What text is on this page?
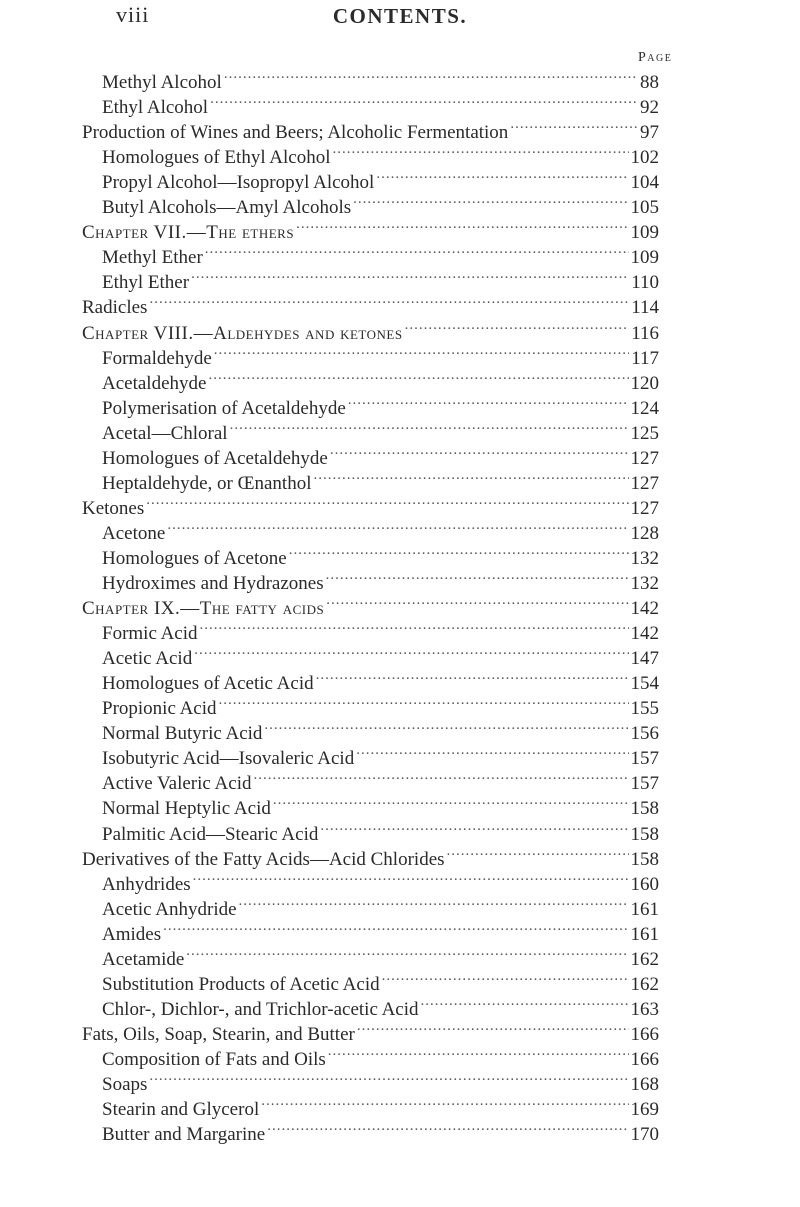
viii	CONTENTS.
Page
Methyl Alcohol .....	88
Ethyl Alcohol .....	92
Production of Wines and Beers; Alcoholic Fermentation .....	97
Homologues of Ethyl Alcohol .....	102
Propyl Alcohol—Isopropyl Alcohol .....	104
Butyl Alcohols—Amyl Alcohols .....	105
Chapter VII.—The ethers .....	109
Methyl Ether .....	109
Ethyl Ether .....	110
Radicles .....	114
Chapter VIII.—Aldehydes and ketones .....	116
Formaldehyde .....	117
Acetaldehyde .....	120
Polymerisation of Acetaldehyde .....	124
Acetal—Chloral .....	125
Homologues of Acetaldehyde .....	127
Heptaldehyde, or Œnanthol .....	127
Ketones .....	127
Acetone .....	128
Homologues of Acetone .....	132
Hydroximes and Hydrazones .....	132
Chapter IX.—The fatty acids .....	142
Formic Acid .....	142
Acetic Acid .....	147
Homologues of Acetic Acid .....	154
Propionic Acid .....	155
Normal Butyric Acid .....	156
Isobutyric Acid—Isovaleric Acid .....	157
Active Valeric Acid .....	157
Normal Heptylic Acid .....	158
Palmitic Acid—Stearic Acid .....	158
Derivatives of the Fatty Acids—Acid Chlorides .....	158
Anhydrides .....	160
Acetic Anhydride .....	161
Amides .....	161
Acetamide .....	162
Substitution Products of Acetic Acid .....	162
Chlor-, Dichlor-, and Trichlor-acetic Acid .....	163
Fats, Oils, Soap, Stearin, and Butter .....	166
Composition of Fats and Oils .....	166
Soaps .....	168
Stearin and Glycerol .....	169
Butter and Margarine .....	170
